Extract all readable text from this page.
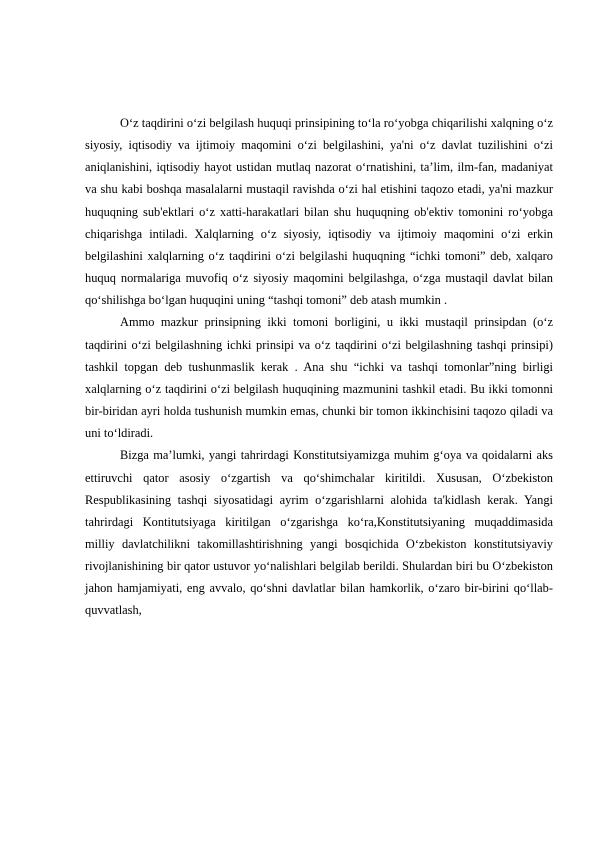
O‘z taqdirini o‘zi belgilash huquqi prinsipining to‘la ro‘yobga chiqarilishi xalqning o‘z siyosiy, iqtisodiy va ijtimoiy maqomini o‘zi belgilashini, ya'ni o‘z davlat tuzilishini o‘zi aniqlanishini, iqtisodiy hayot ustidan mutlaq nazorat o‘rnatishini, ta’lim, ilm-fan, madaniyat va shu kabi boshqa masalalarni mustaqil ravishda o‘zi hal etishini taqozo etadi, ya'ni mazkur huquqning sub'ektlari o‘z xatti-harakatlari bilan shu huquqning ob'ektiv tomonini ro‘yobga chiqarishga intiladi. Xalqlarning o‘z siyosiy, iqtisodiy va ijtimoiy maqomini o‘zi erkin belgilashini xalqlarning o‘z taqdirini o‘zi belgilashi huquqning “ichki tomoni” deb, xalqaro huquq normalariga muvofiq o‘z siyosiy maqomini belgilashga, o‘zga mustaqil davlat bilan qo‘shilishga bo‘lgan huquqini uning “tashqi tomoni” deb atash mumkin .

Ammo mazkur prinsipning ikki tomoni borligini, u ikki mustaqil prinsipdan (o‘z taqdirini o‘zi belgilashning ichki prinsipi va o‘z taqdirini o‘zi belgilashning tashqi prinsipi) tashkil topgan deb tushunmaslik kerak . Ana shu “ichki va tashqi tomonlar”ning birligi xalqlarning o‘z taqdirini o‘zi belgilash huquqining mazmunini tashkil etadi. Bu ikki tomonni bir-biridan ayri holda tushunish mumkin emas, chunki bir tomon ikkinchisini taqozo qiladi va uni to‘ldiradi.

Bizga ma’lumki, yangi tahrirdagi Konstitutsiyamizga muhim g‘oya va qoidalarni aks ettiruvchi qator asosiy o‘zgartish va qo‘shimchalar kiritildi. Xususan, O‘zbekiston Respublikasining tashqi siyosatidagi ayrim o‘zgarishlarni alohida ta'kidlash kerak. Yangi tahrirdagi Kontitutsiyaga kiritilgan o‘zgarishga ko‘ra,Konstitutsiyaning muqaddimasida milliy davlatchilikni takomillashtirishning yangi bosqichida O‘zbekiston konstitutsiyaviy rivojlanishining bir qator ustuvor yo‘nalishlari belgilab berildi. Shulardan biri bu O‘zbekiston jahon hamjamiyati, eng avvalo, qo‘shni davlatlar bilan hamkorlik, o‘zaro bir-birini qo‘llab-quvvatlash,
